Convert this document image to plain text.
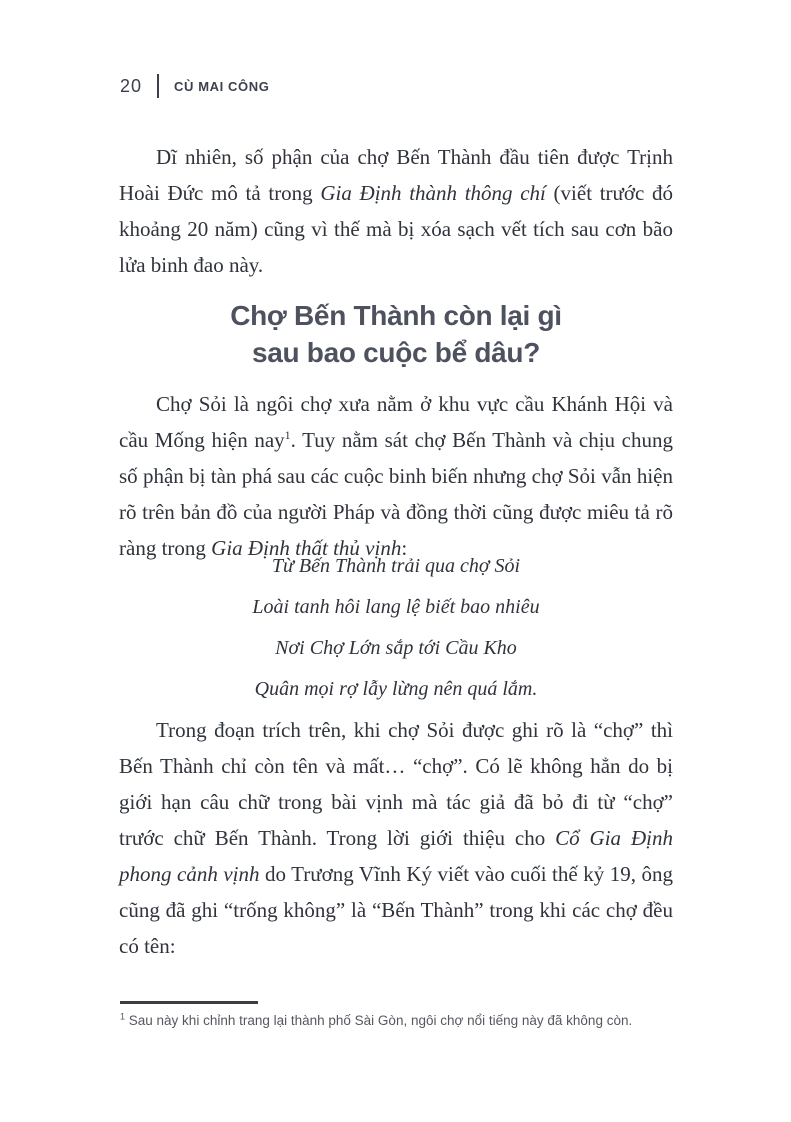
20 CÙ MAI CÔNG

Dĩ nhiên, số phận của chợ Bến Thành đầu tiên được Trịnh Hoài Đức mô tả trong Gia Định thành thông chí (viết trước đó khoảng 20 năm) cũng vì thế mà bị xóa sạch vết tích sau cơn bão lửa binh đao này.

Chợ Bến Thành còn lại gì
sau bao cuộc bể dâu?

Chợ Sỏi là ngôi chợ xưa nằm ở khu vực cầu Khánh Hội và cầu Mống hiện nay$^1$. Tuy nằm sát chợ Bến Thành và chịu chung số phận bị tàn phá sau các cuộc binh biến nhưng chợ Sỏi vẫn hiện rõ trên bản đồ của người Pháp và đồng thời cũng được miêu tả rõ ràng trong Gia Định thất thủ vịnh:

Từ Bến Thành trải qua chợ Sỏi
Loài tanh hôi lang lệ biết bao nhiêu
Nơi Chợ Lớn sắp tới Cầu Kho
Quân mọi rợ lẫy lừng nên quá lắm.

Trong đoạn trích trên, khi chợ Sỏi được ghi rõ là “chợ” thì Bến Thành chỉ còn tên và mất… “chợ”. Có lẽ không hẳn do bị giới hạn câu chữ trong bài vịnh mà tác giả đã bỏ đi từ “chợ” trước chữ Bến Thành. Trong lời giới thiệu cho Cổ Gia Định phong cảnh vịnh do Trương Vĩnh Ký viết vào cuối thế kỷ 19, ông cũng đã ghi “trống không” là “Bến Thành” trong khi các chợ đều có tên:

$^1$ Sau này khi chỉnh trang lại thành phố Sài Gòn, ngôi chợ nổi tiếng này đã không còn.
